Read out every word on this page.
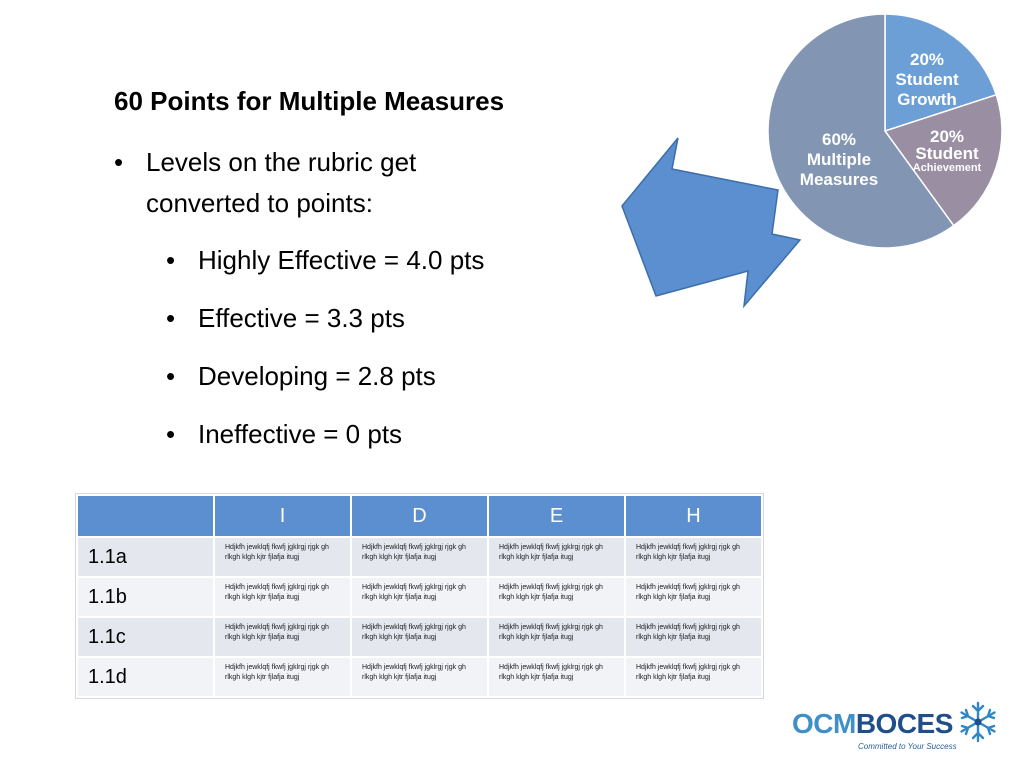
60 Points for Multiple Measures
• Levels on the rubric get
converted to points:
• Highly Effective = 4.0 pts
• Effective = 3.3 pts
• Developing = 2.8 pts
• Ineffective = 0 pts
20%
Student
Growth
20%
Student
Achievement
60%
Multiple
Measures
	I	D	E	H
1.1a	Hdjkfh jewklqfj fkwfj jgklrgj rjgk gh rlkgh klgh kjtr fjlafja itugj	Hdjkfh jewklqfj fkwfj jgklrgj rjgk gh rlkgh klgh kjtr fjlafja itugj	Hdjkfh jewklqfj fkwfj jgklrgj rjgk gh rlkgh klgh kjtr fjlafja itugj	Hdjkfh jewklqfj fkwfj jgklrgj rjgk gh rlkgh klgh kjtr fjlafja itugj
1.1b	Hdjkfh jewklqfj fkwfj jgklrgj rjgk gh rlkgh klgh kjtr fjlafja itugj	Hdjkfh jewklqfj fkwfj jgklrgj rjgk gh rlkgh klgh kjtr fjlafja itugj	Hdjkfh jewklqfj fkwfj jgklrgj rjgk gh rlkgh klgh kjtr fjlafja itugj	Hdjkfh jewklqfj fkwfj jgklrgj rjgk gh rlkgh klgh kjtr fjlafja itugj
1.1c	Hdjkfh jewklqfj fkwfj jgklrgj rjgk gh rlkgh klgh kjtr fjlafja itugj	Hdjkfh jewklqfj fkwfj jgklrgj rjgk gh rlkgh klgh kjtr fjlafja itugj	Hdjkfh jewklqfj fkwfj jgklrgj rjgk gh rlkgh klgh kjtr fjlafja itugj	Hdjkfh jewklqfj fkwfj jgklrgj rjgk gh rlkgh klgh kjtr fjlafja itugj
1.1d	Hdjkfh jewklqfj fkwfj jgklrgj rjgk gh rlkgh klgh kjtr fjlafja itugj	Hdjkfh jewklqfj fkwfj jgklrgj rjgk gh rlkgh klgh kjtr fjlafja itugj	Hdjkfh jewklqfj fkwfj jgklrgj rjgk gh rlkgh klgh kjtr fjlafja itugj	Hdjkfh jewklqfj fkwfj jgklrgj rjgk gh rlkgh klgh kjtr fjlafja itugj
OCMBOCES
Committed to Your Success
